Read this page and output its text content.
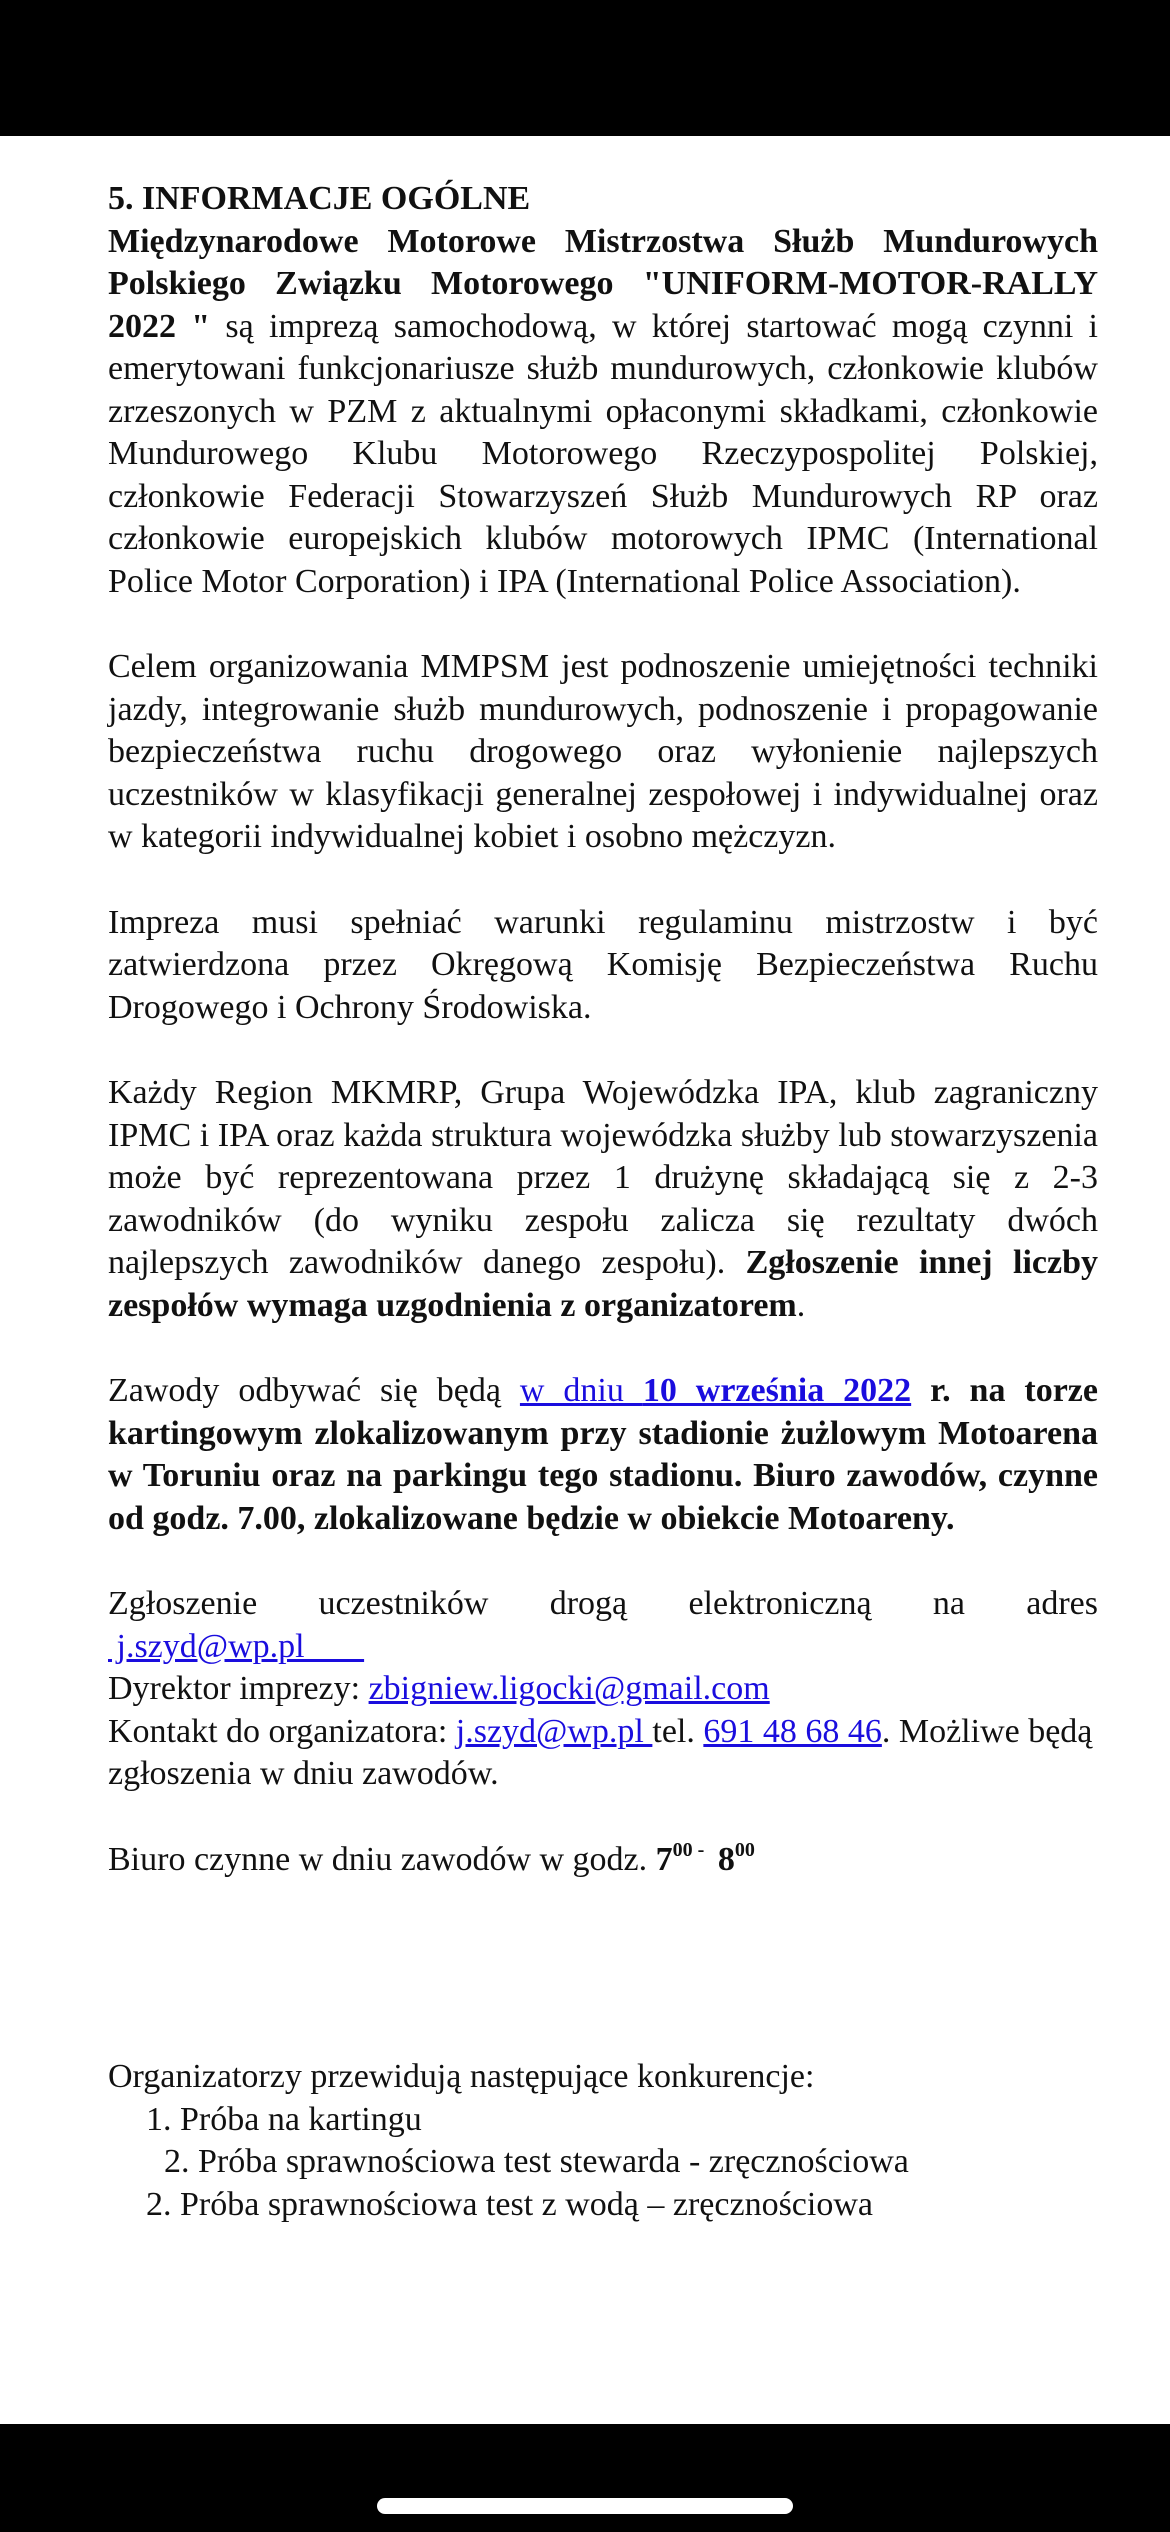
5. INFORMACJE OGÓLNE

Międzynarodowe Motorowe Mistrzostwa Służb Mundurowych Polskiego Związku Motorowego "UNIFORM-MOTOR-RALLY 2022 " są imprezą samochodową, w której startować mogą czynni i emerytowani funkcjonariusze służb mundurowych, członkowie klubów zrzeszonych w PZM z aktualnymi opłaconymi składkami, członkowie Mundurowego Klubu Motorowego Rzeczypospolitej Polskiej, członkowie Federacji Stowarzyszeń Służb Mundurowych RP oraz członkowie europejskich klubów motorowych IPMC (International Police Motor Corporation) i IPA (International Police Association).

Celem organizowania MMPSM jest podnoszenie umiejętności techniki jazdy, integrowanie służb mundurowych, podnoszenie i propagowanie bezpieczeństwa ruchu drogowego oraz wyłonienie najlepszych uczestników w klasyfikacji generalnej zespołowej i indywidualnej oraz w kategorii indywidualnej kobiet i osobno mężczyzn.

Impreza musi spełniać warunki regulaminu mistrzostw i być zatwierdzona przez Okręgową Komisję Bezpieczeństwa Ruchu Drogowego i Ochrony Środowiska.

Każdy Region MKMRP, Grupa Wojewódzka IPA, klub zagraniczny IPMC i IPA oraz każda struktura wojewódzka służby lub stowarzyszenia może być reprezentowana przez 1 drużynę składającą się z 2-3 zawodników (do wyniku zespołu zalicza się rezultaty dwóch najlepszych zawodników danego zespołu). Zgłoszenie innej liczby zespołów wymaga uzgodnienia z organizatorem.

Zawody odbywać się będą w dniu 10 września 2022 r. na torze kartingowym zlokalizowanym przy stadionie żużlowym Motoarena w Toruniu oraz na parkingu tego stadionu. Biuro zawodów, czynne od godz. 7.00, zlokalizowane będzie w obiekcie Motoareny.

Zgłoszenie uczestników drogą elektroniczną na adres
j.szyd@wp.pl
Dyrektor imprezy: zbigniew.ligocki@gmail.com
Kontakt do organizatora: j.szyd@wp.pl tel. 691 48 68 46. Możliwe będą zgłoszenia w dniu zawodów.

Biuro czynne w dniu zawodów w godz. $7^{00 -}$  $8^{00}$

Organizatorzy przewidują następujące konkurencje:

1. Próba na kartingu
2. Próba sprawnościowa test stewarda - zręcznościowa
2. Próba sprawnościowa test z wodą – zręcznościowa
